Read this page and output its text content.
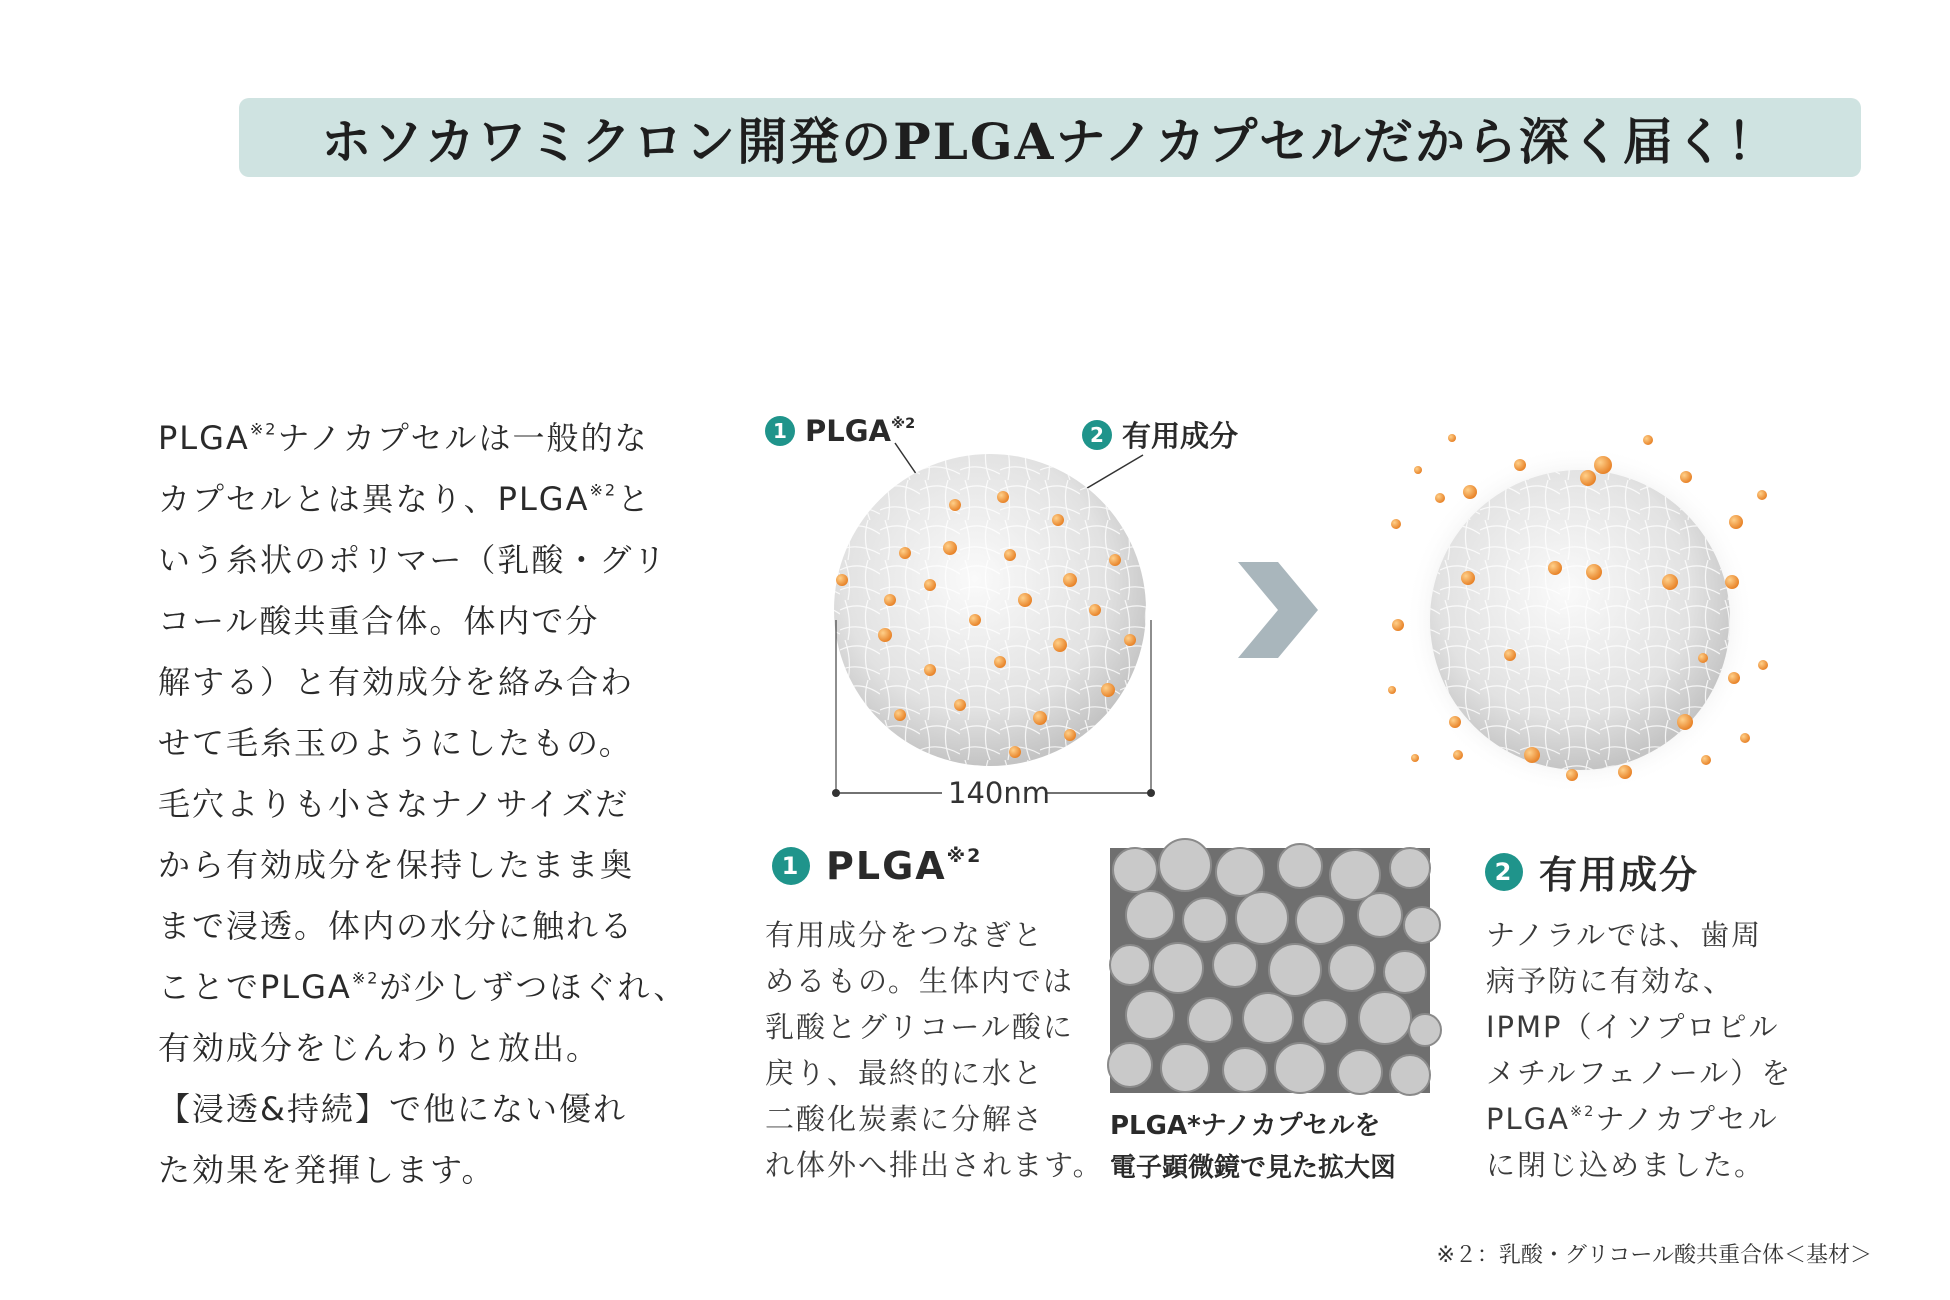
ホソカワミクロン開発のPLGAナノカプセルだから深く届く！
PLGA$^{※2}$ナノカプセルは一般的な
カプセルとは異なり、PLGA$^{※2}$と
いう糸状のポリマー（乳酸・グリ
コール酸共重合体。体内で分
解する）と有効成分を絡み合わ
せて毛糸玉のようにしたもの。
毛穴よりも小さなナノサイズだ
から有効成分を保持したまま奥
まで浸透。体内の水分に触れる
ことでPLGA$^{※2}$が少しずつほぐれ、
有効成分をじんわりと放出。
【浸透&持続】で他にない優れ
た効果を発揮します。
1 PLGA$^{※2}$	2 有用成分
140nm
1 PLGA$^{※2}$
有用成分をつなぎと
めるもの。生体内では
乳酸とグリコール酸に
戻り、最終的に水と
二酸化炭素に分解さ
れ体外へ排出されます。
PLGA*ナノカプセルを
電子顕微鏡で見た拡大図
2 有用成分
ナノラルでは、歯周
病予防に有効な、
IPMP（イソプロピル
メチルフェノール）を
PLGA$^{※2}$ナノカプセル
に閉じ込めました。
※２：乳酸・グリコール酸共重合体＜基材＞
